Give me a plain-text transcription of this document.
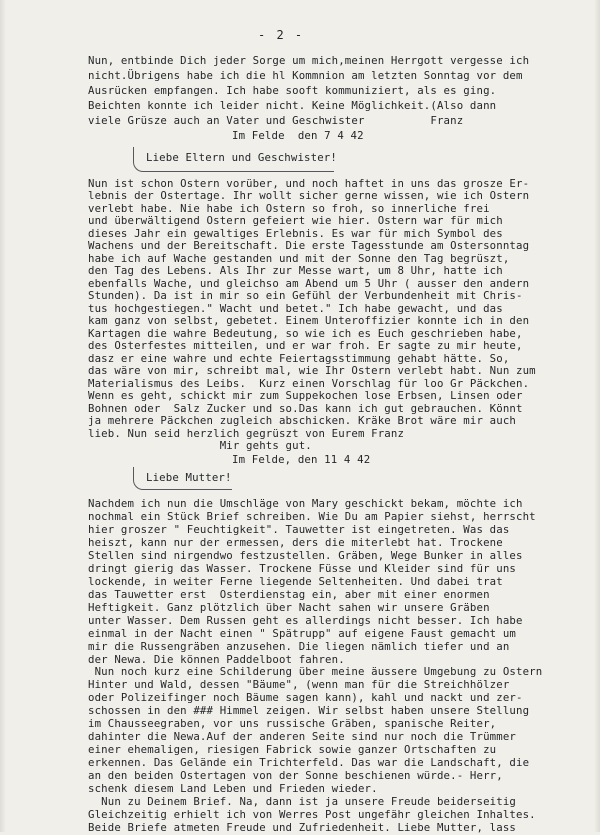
- 2 -
Nun, entbinde Dich jeder Sorge um mich,meinen Herrgott vergesse ich
nicht.Übrigens habe ich die hl Kommnion am letzten Sonntag vor dem
Ausrücken empfangen. Ich habe sooft kommuniziert, als es ging.
Beichten konnte ich leider nicht. Keine Möglichkeit.(Also dann
viele Grüsze auch an Vater und Geschwister          Franz
Im Felde  den 7 4 42
Liebe Eltern und Geschwister!
Nun ist schon Ostern vorüber, und noch haftet in uns das grosze Er-
lebnis der Ostertage. Ihr wollt sicher gerne wissen, wie ich Ostern
verlebt habe. Nie habe ich Ostern so froh, so innerliche frei
und überwältigend Ostern gefeiert wie hier. Ostern war für mich
dieses Jahr ein gewaltiges Erlebnis. Es war für mich Symbol des
Wachens und der Bereitschaft. Die erste Tagesstunde am Ostersonntag
habe ich auf Wache gestanden und mit der Sonne den Tag begrüszt,
den Tag des Lebens. Als Ihr zur Messe wart, um 8 Uhr, hatte ich
ebenfalls Wache, und gleichso am Abend um 5 Uhr ( ausser den andern
Stunden). Da ist in mir so ein Gefühl der Verbundenheit mit Chris-
tus hochgestiegen." Wacht und betet." Ich habe gewacht, und das
kam ganz von selbst, gebetet. Einem Unteroffizier konnte ich in den
Kartagen die wahre Bedeutung, so wie ich es Euch geschrieben habe,
des Osterfestes mitteilen, und er war froh. Er sagte zu mir heute,
dasz er eine wahre und echte Feiertagsstimmung gehabt hätte. So,
das wäre von mir, schreibt mal, wie Ihr Ostern verlebt habt. Nun zum
Materialismus des Leibs.  Kurz einen Vorschlag für loo Gr Päckchen.
Wenn es geht, schickt mir zum Suppekochen lose Erbsen, Linsen oder
Bohnen oder  Salz Zucker und so.Das kann ich gut gebrauchen. Könnt
ja mehrere Päckchen zugleich abschicken. Kräke Brot wäre mir auch
lieb. Nun seid herzlich gegrüszt von Eurem Franz
Mir gehts gut.
Im Felde, den 11 4 42
Liebe Mutter!
Nachdem ich nun die Umschläge von Mary geschickt bekam, möchte ich
nochmal ein Stück Brief schreiben. Wie Du am Papier siehst, herrscht
hier groszer " Feuchtigkeit". Tauwetter ist eingetreten. Was das
heiszt, kann nur der ermessen, ders die miterlebt hat. Trockene
Stellen sind nirgendwo festzustellen. Gräben, Wege Bunker in alles
dringt gierig das Wasser. Trockene Füsse und Kleider sind für uns
lockende, in weiter Ferne liegende Seltenheiten. Und dabei trat
das Tauwetter erst  Osterdienstag ein, aber mit einer enormen
Heftigkeit. Ganz plötzlich über Nacht sahen wir unsere Gräben
unter Wasser. Dem Russen geht es allerdings nicht besser. Ich habe
einmal in der Nacht einen " Spätrupp" auf eigene Faust gemacht um
mir die Russengräben anzusehen. Die liegen nämlich tiefer und an
der Newa. Die können Paddelboot fahren.
Nun noch kurz eine Schilderung über meine äussere Umgebung zu Ostern
Hinter und Wald, dessen "Bäume", (wenn man für die Streichhölzer
oder Polizeifinger noch Bäume sagen kann), kahl und nackt und zer-
schossen in den ### Himmel zeigen. Wir selbst haben unsere Stellung
im Chausseegraben, vor uns russische Gräben, spanische Reiter,
dahinter die Newa.Auf der anderen Seite sind nur noch die Trümmer
einer ehemaligen, riesigen Fabrick sowie ganzer Ortschaften zu
erkennen. Das Gelände ein Trichterfeld. Das war die Landschaft, die
an den beiden Ostertagen von der Sonne beschienen würde.- Herr,
schenk diesem Land Leben und Frieden wieder.
Nun zu Deinem Brief. Na, dann ist ja unsere Freude beiderseitig
Gleichzeitig erhielt ich von Werres Post ungefähr gleichen Inhaltes.
Beide Briefe atmeten Freude und Zufriedenheit. Liebe Mutter, lass
